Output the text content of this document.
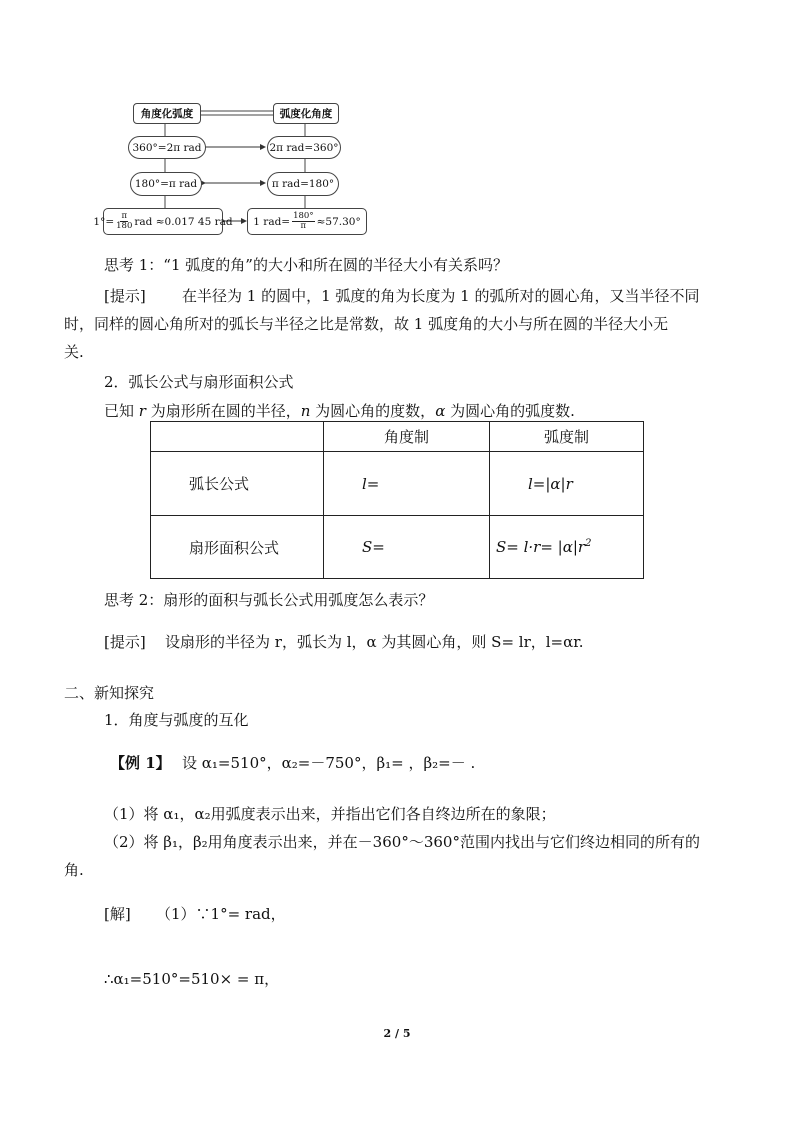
角度化弧度	弧度化角度
360°=2π rad	2π rad=360°
180°=π rad	π rad=180°
$1^\circ= \frac{\pi}{180}$ rad ≈0.017 45 rad 1 $rad= \frac{180^\circ}{\pi} \approx 57.30^\circ$
思考 1：“1 弧度的角”的大小和所在圆的半径大小有关系吗？
[提示] 在半径为 1 的圆中，1 弧度的角为长度为 1 的弧所对的圆心角，又当半径不同
时，同样的圆心角所对的弧长与半径之比是常数，故 1 弧度角的大小与所在圆的半径大小无
关.
2．弧长公式与扇形面积公式
已知 r 为扇形所在圆的半径，n 为圆心角的度数，α 为圆心角的弧度数.
	角度制	弧度制
弧长公式	l=	l=|α|r
扇形面积公式	S=	$S= l\cdot r= |\alpha|r^2$
思考 2：扇形的面积与弧长公式用弧度怎么表示？
[提示] 设扇形的半径为 r，弧长为 l，α 为其圆心角，则 S= lr，l=αr.
二、新知探究
1．角度与弧度的互化
【例 1】 设 α₁=510°，α₂=－750°，β₁= ，β₂=－ .
（1）将 α₁，α₂用弧度表示出来，并指出它们各自终边所在的象限；
（2）将 β₁，β₂用角度表示出来，并在－360°～360°范围内找出与它们终边相同的所有的
角.
[解] （1）∵1°= rad，
∴α₁=510°=510× = π，
2 / 5
